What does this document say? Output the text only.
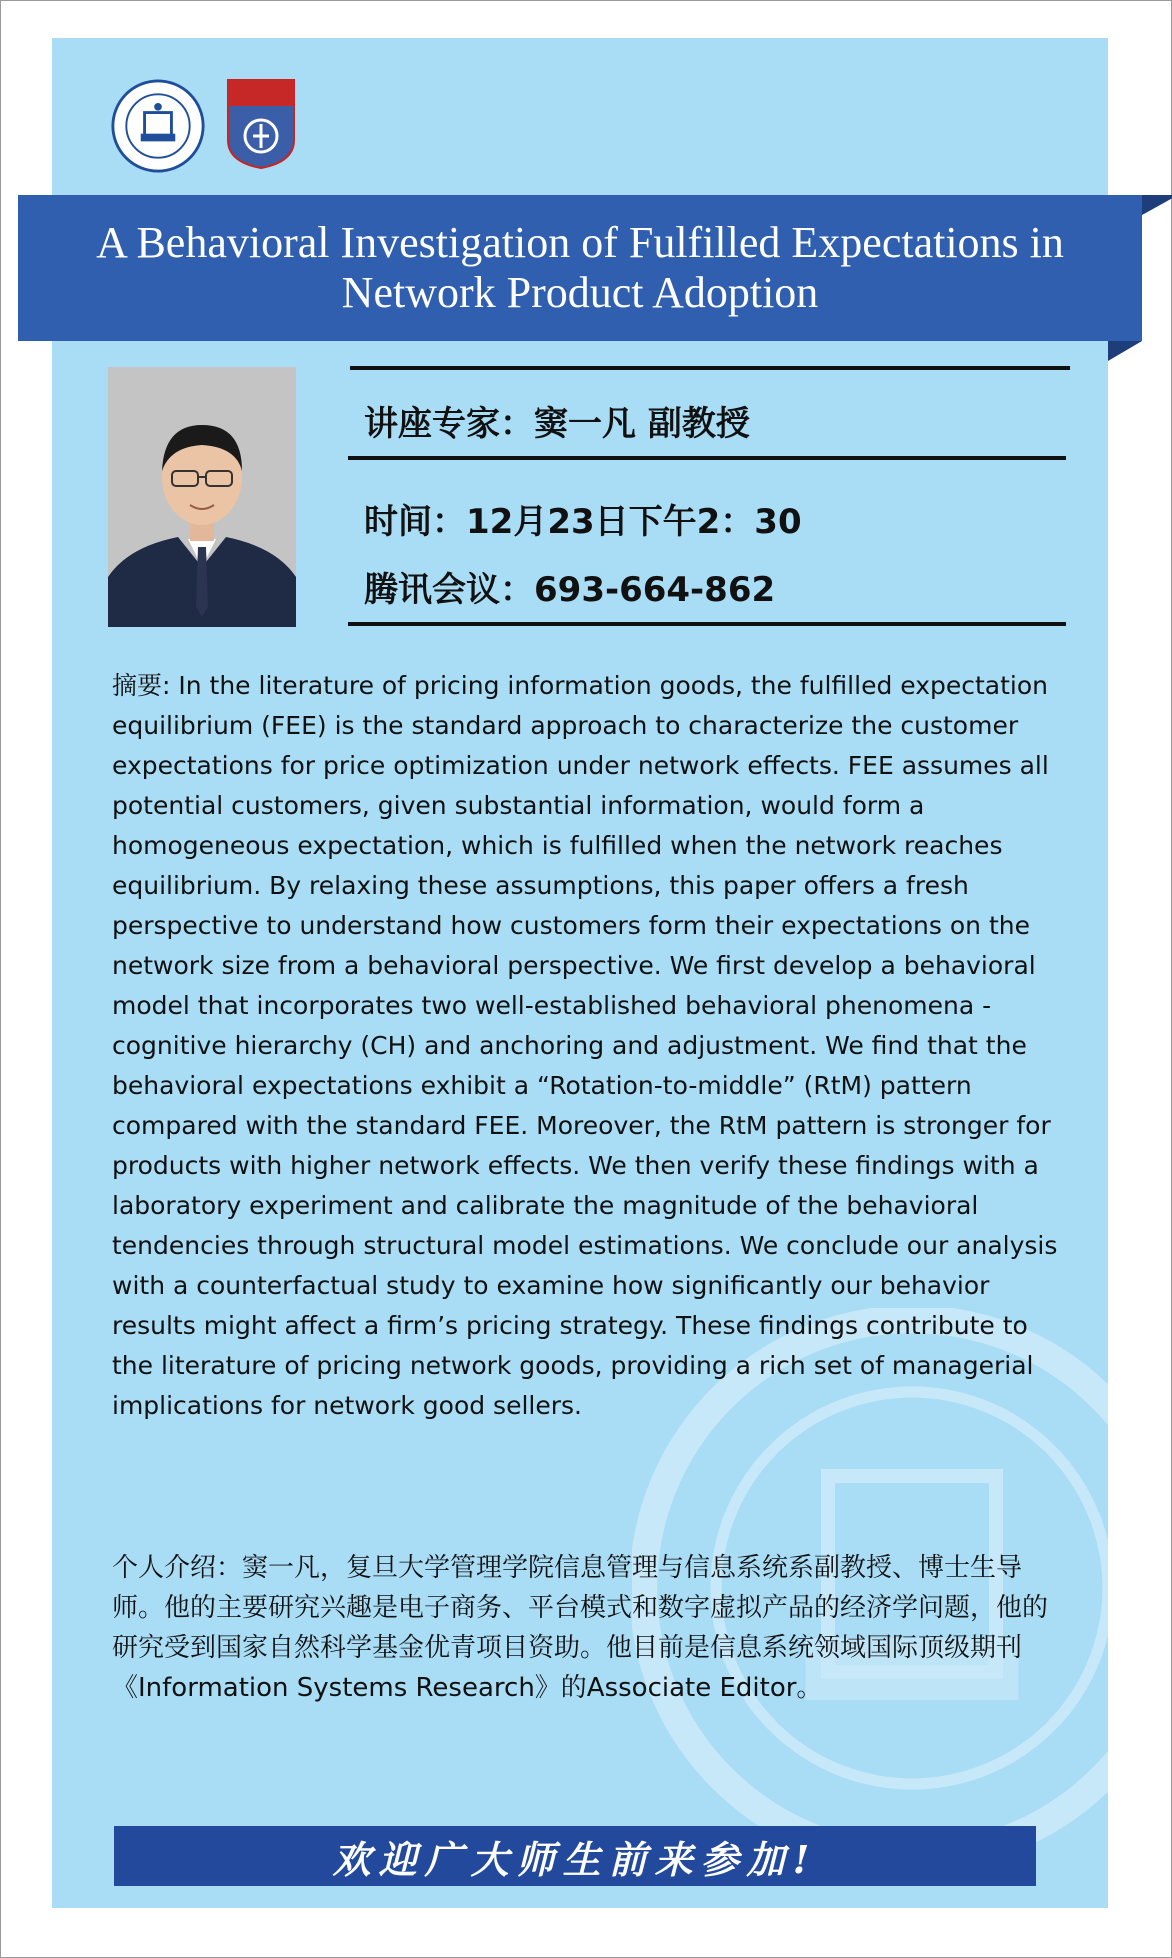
A Behavioral Investigation of Fulfilled Expectations in
Network Product Adoption
讲座专家：窦一凡 副教授
时间：12月23日下午2：30
腾讯会议：693-664-862
摘要: In the literature of pricing information goods, the fulfilled expectation equilibrium (FEE) is the standard approach to characterize the customer expectations for price optimization under network effects. FEE assumes all potential customers, given substantial information, would form a homogeneous expectation, which is fulfilled when the network reaches equilibrium. By relaxing these assumptions, this paper offers a fresh perspective to understand how customers form their expectations on the network size from a behavioral perspective. We first develop a behavioral model that incorporates two well-established behavioral phenomena - cognitive hierarchy (CH) and anchoring and adjustment. We find that the behavioral expectations exhibit a “Rotation-to-middle” (RtM) pattern compared with the standard FEE. Moreover, the RtM pattern is stronger for products with higher network effects. We then verify these findings with a laboratory experiment and calibrate the magnitude of the behavioral tendencies through structural model estimations. We conclude our analysis with a counterfactual study to examine how significantly our behavior results might affect a firm’s pricing strategy. These findings contribute to the literature of pricing network goods, providing a rich set of managerial implications for network good sellers.
个人介绍：窦一凡，复旦大学管理学院信息管理与信息系统系副教授、博士生导师。他的主要研究兴趣是电子商务、平台模式和数字虚拟产品的经济学问题，他的研究受到国家自然科学基金优青项目资助。他目前是信息系统领域国际顶级期刊《Information Systems Research》的Associate Editor。
欢迎广大师生前来参加!
